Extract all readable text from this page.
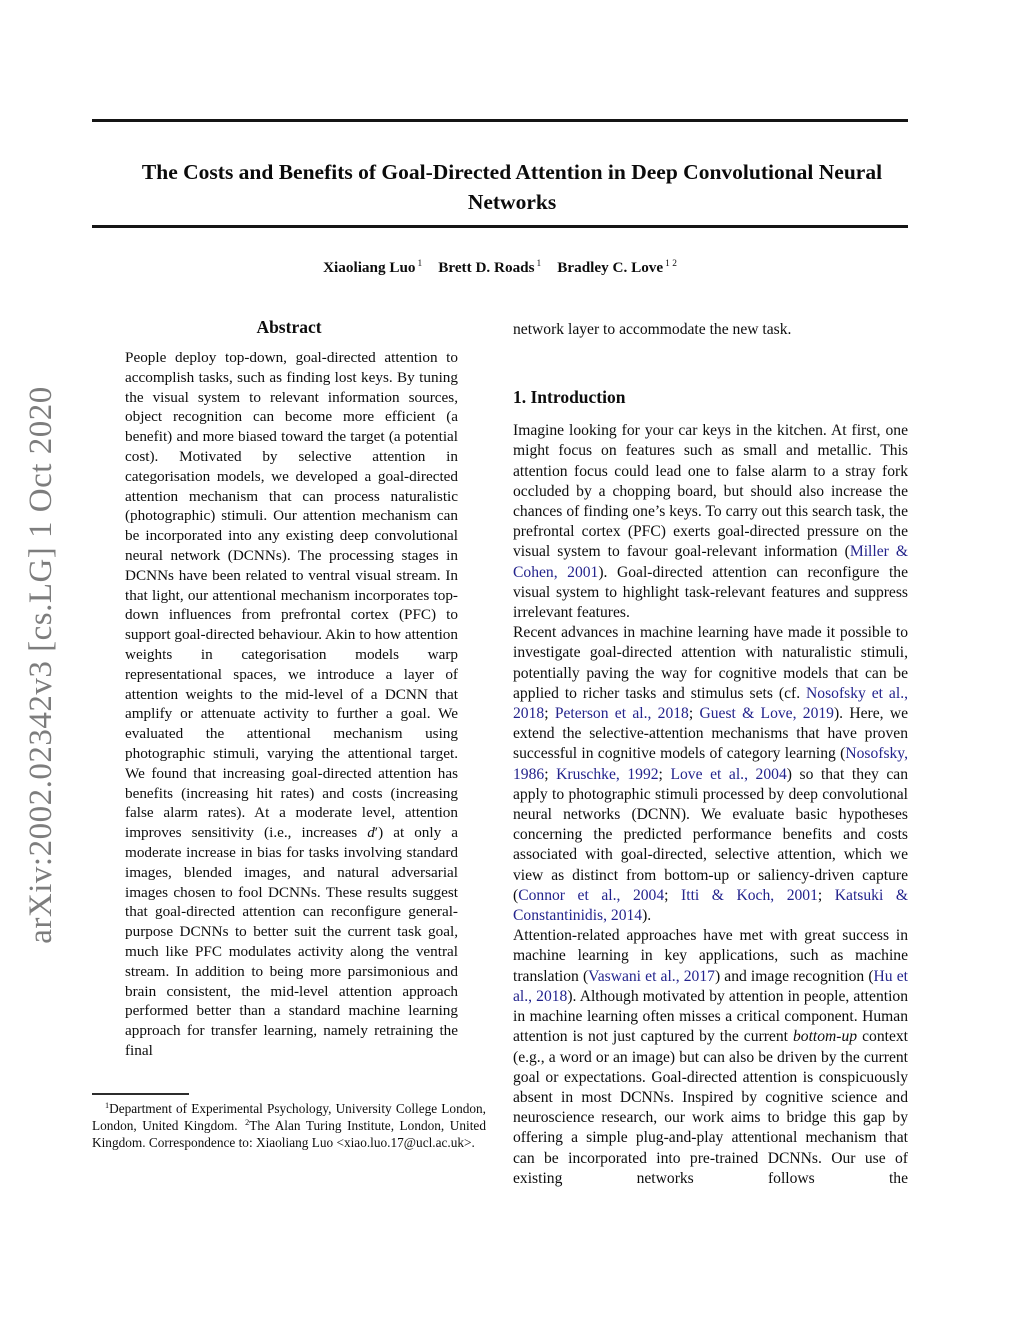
arXiv:2002.02342v3 [cs.LG] 1 Oct 2020
The Costs and Benefits of Goal-Directed Attention in Deep Convolutional Neural Networks
Xiaoliang Luo $^1$ Brett D. Roads $^1$ Bradley C. Love $^{1 2}$
Abstract
People deploy top-down, goal-directed attention to accomplish tasks, such as finding lost keys. By tuning the visual system to relevant information sources, object recognition can become more efficient (a benefit) and more biased toward the target (a potential cost). Motivated by selective attention in categorisation models, we developed a goal-directed attention mechanism that can process naturalistic (photographic) stimuli. Our attention mechanism can be incorporated into any existing deep convolutional neural network (DCNNs). The processing stages in DCNNs have been related to ventral visual stream. In that light, our attentional mechanism incorporates top-down influences from prefrontal cortex (PFC) to support goal-directed behaviour. Akin to how attention weights in categorisation models warp representational spaces, we introduce a layer of attention weights to the mid-level of a DCNN that amplify or attenuate activity to further a goal. We evaluated the attentional mechanism using photographic stimuli, varying the attentional target. We found that increasing goal-directed attention has benefits (increasing hit rates) and costs (increasing false alarm rates). At a moderate level, attention improves sensitivity (i.e., increases d′) at only a moderate increase in bias for tasks involving standard images, blended images, and natural adversarial images chosen to fool DCNNs. These results suggest that goal-directed attention can reconfigure general-purpose DCNNs to better suit the current task goal, much like PFC modulates activity along the ventral stream. In addition to being more parsimonious and brain consistent, the mid-level attention approach performed better than a standard machine learning approach for transfer learning, namely retraining the final
$^1$Department of Experimental Psychology, University College London, London, United Kingdom. $^2$The Alan Turing Institute, London, United Kingdom. Correspondence to: Xiaoliang Luo <xiao.luo.17@ucl.ac.uk>.

network layer to accommodate the new task.

1. Introduction

Imagine looking for your car keys in the kitchen. At first, one might focus on features such as small and metallic. This attention focus could lead one to false alarm to a stray fork occluded by a chopping board, but should also increase the chances of finding one’s keys. To carry out this search task, the prefrontal cortex (PFC) exerts goal-directed pressure on the visual system to favour goal-relevant information (Miller & Cohen, 2001). Goal-directed attention can reconfigure the visual system to highlight task-relevant features and suppress irrelevant features.

Recent advances in machine learning have made it possible to investigate goal-directed attention with naturalistic stimuli, potentially paving the way for cognitive models that can be applied to richer tasks and stimulus sets (cf. Nosofsky et al., 2018; Peterson et al., 2018; Guest & Love, 2019). Here, we extend the selective-attention mechanisms that have proven successful in cognitive models of category learning (Nosofsky, 1986; Kruschke, 1992; Love et al., 2004) so that they can apply to photographic stimuli processed by deep convolutional neural networks (DCNN). We evaluate basic hypotheses concerning the predicted performance benefits and costs associated with goal-directed, selective attention, which we view as distinct from bottom-up or saliency-driven capture (Connor et al., 2004; Itti & Koch, 2001; Katsuki & Constantinidis, 2014).

Attention-related approaches have met with great success in machine learning in key applications, such as machine translation (Vaswani et al., 2017) and image recognition (Hu et al., 2018). Although motivated by attention in people, attention in machine learning often misses a critical component. Human attention is not just captured by the current bottom-up context (e.g., a word or an image) but can also be driven by the current goal or expectations. Goal-directed attention is conspicuously absent in most DCNNs. Inspired by cognitive science and neuroscience research, our work aims to bridge this gap by offering a simple plug-and-play attentional mechanism that can be incorporated into pre-trained DCNNs. Our use of existing networks follows the
